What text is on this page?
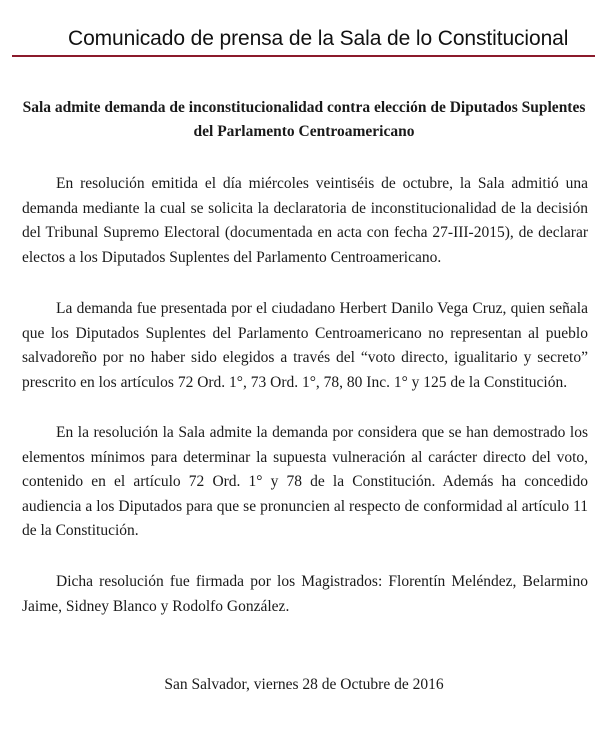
Comunicado de prensa de la Sala de lo Constitucional
Sala admite demanda de inconstitucionalidad contra elección de Diputados Suplentes del Parlamento Centroamericano

En resolución emitida el día miércoles veintiséis de octubre, la Sala admitió una demanda mediante la cual se solicita la declaratoria de inconstitucionalidad de la decisión del Tribunal Supremo Electoral (documentada en acta con fecha 27-III-2015), de declarar electos a los Diputados Suplentes del Parlamento Centroamericano.

La demanda fue presentada por el ciudadano Herbert Danilo Vega Cruz, quien señala que los Diputados Suplentes del Parlamento Centroamericano no representan al pueblo salvadoreño por no haber sido elegidos a través del “voto directo, igualitario y secreto” prescrito en los artículos 72 Ord. 1°, 73 Ord. 1°, 78, 80 Inc. 1° y 125 de la Constitución.

En la resolución la Sala admite la demanda por considera que se han demostrado los elementos mínimos para determinar la supuesta vulneración al carácter directo del voto, contenido en el artículo 72 Ord. 1° y 78 de la Constitución. Además ha concedido audiencia a los Diputados para que se pronuncien al respecto de conformidad al artículo 11 de la Constitución.

Dicha resolución fue firmada por los Magistrados: Florentín Meléndez, Belarmino Jaime, Sidney Blanco y Rodolfo González.

San Salvador, viernes 28 de Octubre de 2016
